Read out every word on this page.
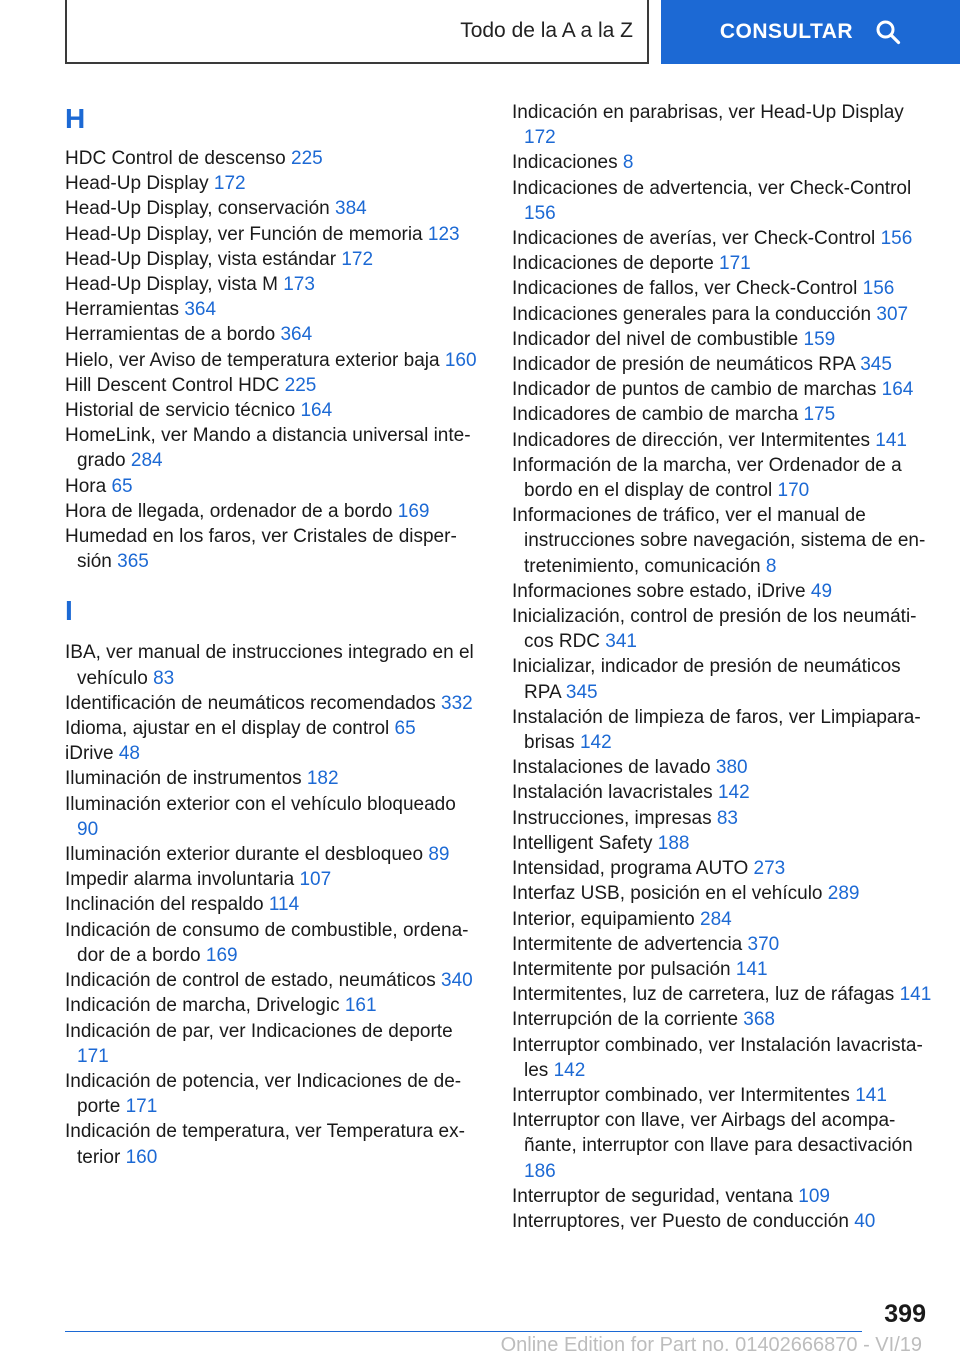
Todo de la A a la Z	CONSULTAR
H
HDC Control de descenso 225
Head-Up Display 172
Head-Up Display, conservación 384
Head-Up Display, ver Función de memoria 123
Head-Up Display, vista estándar 172
Head-Up Display, vista M 173
Herramientas 364
Herramientas de a bordo 364
Hielo, ver Aviso de temperatura exterior baja 160
Hill Descent Control HDC 225
Historial de servicio técnico 164
HomeLink, ver Mando a distancia universal integrado 284
Hora 65
Hora de llegada, ordenador de a bordo 169
Humedad en los faros, ver Cristales de dispersión 365
I
IBA, ver manual de instrucciones integrado en el vehículo 83
Identificación de neumáticos recomendados 332
Idioma, ajustar en el display de control 65
iDrive 48
Iluminación de instrumentos 182
Iluminación exterior con el vehículo bloqueado 90
Iluminación exterior durante el desbloqueo 89
Impedir alarma involuntaria 107
Inclinación del respaldo 114
Indicación de consumo de combustible, ordenador de a bordo 169
Indicación de control de estado, neumáticos 340
Indicación de marcha, Drivelogic 161
Indicación de par, ver Indicaciones de deporte 171
Indicación de potencia, ver Indicaciones de deporte 171
Indicación de temperatura, ver Temperatura exterior 160
Indicación en parabrisas, ver Head-Up Display 172
Indicaciones 8
Indicaciones de advertencia, ver Check-Control 156
Indicaciones de averías, ver Check-Control 156
Indicaciones de deporte 171
Indicaciones de fallos, ver Check-Control 156
Indicaciones generales para la conducción 307
Indicador del nivel de combustible 159
Indicador de presión de neumáticos RPA 345
Indicador de puntos de cambio de marchas 164
Indicadores de cambio de marcha 175
Indicadores de dirección, ver Intermitentes 141
Información de la marcha, ver Ordenador de a bordo en el display de control 170
Informaciones de tráfico, ver el manual de instrucciones sobre navegación, sistema de entretenimiento, comunicación 8
Informaciones sobre estado, iDrive 49
Inicialización, control de presión de los neumáticos RDC 341
Inicializar, indicador de presión de neumáticos RPA 345
Instalación de limpieza de faros, ver Limpiaparabrisas 142
Instalaciones de lavado 380
Instalación lavacristales 142
Instrucciones, impresas 83
Intelligent Safety 188
Intensidad, programa AUTO 273
Interfaz USB, posición en el vehículo 289
Interior, equipamiento 284
Intermitente de advertencia 370
Intermitente por pulsación 141
Intermitentes, luz de carretera, luz de ráfagas 141
Interrupción de la corriente 368
Interruptor combinado, ver Instalación lavacristales 142
Interruptor combinado, ver Intermitentes 141
Interruptor con llave, ver Airbags del acompañante, interruptor con llave para desactivación 186
Interruptor de seguridad, ventana 109
Interruptores, ver Puesto de conducción 40
399
Online Edition for Part no. 01402666870 - VI/19
